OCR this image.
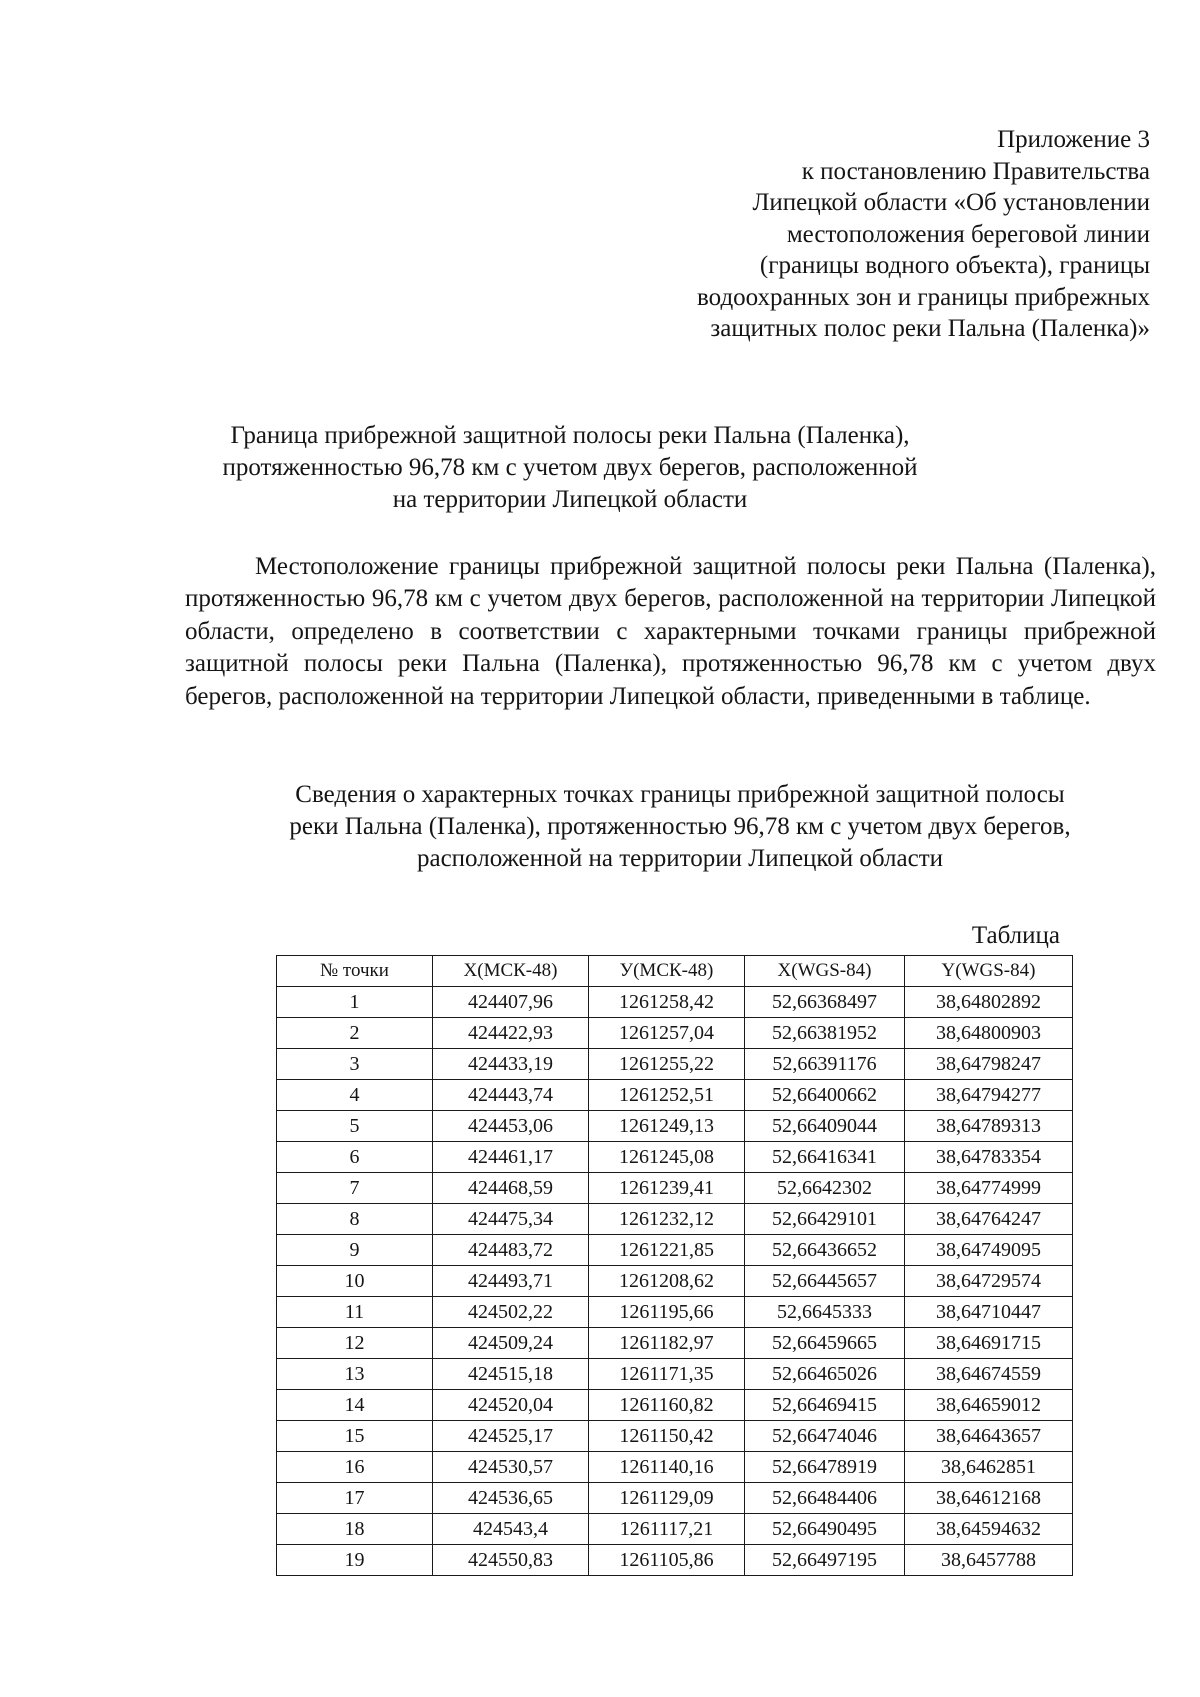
Приложение 3
к постановлению Правительства
Липецкой области «Об установлении
местоположения береговой линии
(границы водного объекта), границы
водоохранных зон и границы прибрежных
защитных полос реки Пальна (Паленка)»
Граница прибрежной защитной полосы реки Пальна (Паленка),
протяженностью 96,78 км с учетом двух берегов, расположенной
на территории Липецкой области

Местоположение границы прибрежной защитной полосы реки Пальна (Паленка), протяженностью 96,78 км с учетом двух берегов, расположенной на территории Липецкой области, определено в соответствии с характерными точками границы прибрежной защитной полосы реки Пальна (Паленка), протяженностью 96,78 км с учетом двух берегов, расположенной на территории Липецкой области, приведенными в таблице.

Сведения о характерных точках границы прибрежной защитной полосы
реки Пальна (Паленка), протяженностью 96,78 км с учетом двух берегов,
расположенной на территории Липецкой области
Таблица
№ точки	X(МСК-48)	У(МСК-48)	X(WGS-84)	Y(WGS-84)
1	424407,96	1261258,42	52,66368497	38,64802892
2	424422,93	1261257,04	52,66381952	38,64800903
3	424433,19	1261255,22	52,66391176	38,64798247
4	424443,74	1261252,51	52,66400662	38,64794277
5	424453,06	1261249,13	52,66409044	38,64789313
6	424461,17	1261245,08	52,66416341	38,64783354
7	424468,59	1261239,41	52,6642302	38,64774999
8	424475,34	1261232,12	52,66429101	38,64764247
9	424483,72	1261221,85	52,66436652	38,64749095
10	424493,71	1261208,62	52,66445657	38,64729574
11	424502,22	1261195,66	52,6645333	38,64710447
12	424509,24	1261182,97	52,66459665	38,64691715
13	424515,18	1261171,35	52,66465026	38,64674559
14	424520,04	1261160,82	52,66469415	38,64659012
15	424525,17	1261150,42	52,66474046	38,64643657
16	424530,57	1261140,16	52,66478919	38,6462851
17	424536,65	1261129,09	52,66484406	38,64612168
18	424543,4	1261117,21	52,66490495	38,64594632
19	424550,83	1261105,86	52,66497195	38,6457788
